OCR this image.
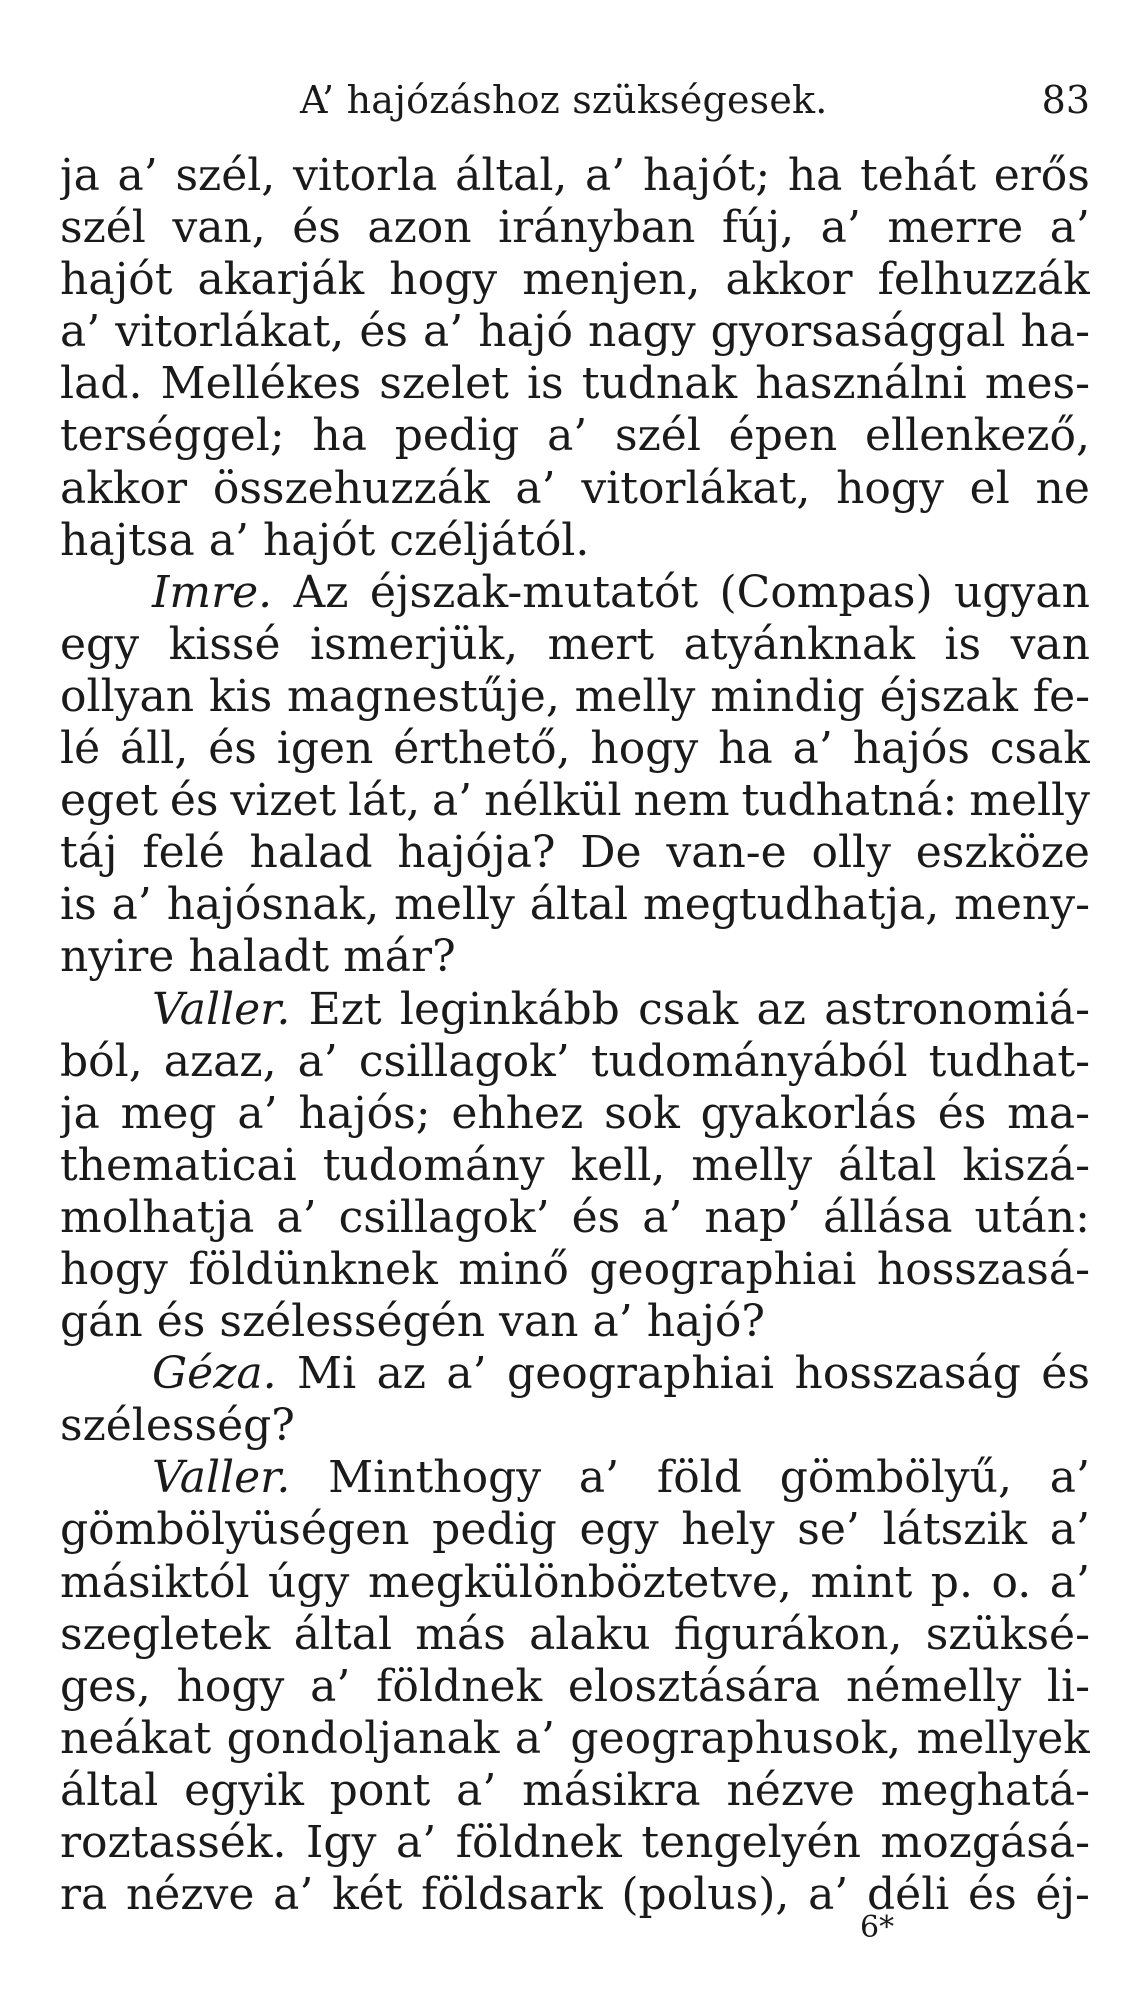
A’ hajózáshoz szükségesek.	83
ja a’ szél, vitorla által, a’ hajót; ha tehát erős
szél van, és azon irányban fúj, a’ merre a’
hajót akarják hogy menjen, akkor felhuzzák
a’ vitorlákat, és a’ hajó nagy gyorsasággal ha-
lad. Mellékes szelet is tudnak használni mes-
terséggel; ha pedig a’ szél épen ellenkező,
akkor összehuzzák a’ vitorlákat, hogy el ne
hajtsa a’ hajót czéljától.
Imre. Az éjszak-mutatót (Compas) ugyan
egy kissé ismerjük, mert atyánknak is van
ollyan kis magnestűje, melly mindig éjszak fe-
lé áll, és igen érthető, hogy ha a’ hajós csak
eget és vizet lát, a’ nélkül nem tudhatná: melly
táj felé halad hajója? De van-e olly eszköze
is a’ hajósnak, melly által megtudhatja, meny-
nyire haladt már?
Valler. Ezt leginkább csak az astronomiá-
ból, azaz, a’ csillagok’ tudományából tudhat-
ja meg a’ hajós; ehhez sok gyakorlás és ma-
thematicai tudomány kell, melly által kiszá-
molhatja a’ csillagok’ és a’ nap’ állása után:
hogy földünknek minő geographiai hosszasá-
gán és szélességén van a’ hajó?
Géza. Mi az a’ geographiai hosszaság és
szélesség?
Valler. Minthogy a’ föld gömbölyű, a’
gömbölyüségen pedig egy hely se’ látszik a’
másiktól úgy megkülönböztetve, mint p. o. a’
szegletek által más alaku figurákon, szüksé-
ges, hogy a’ földnek elosztására némelly li-
neákat gondoljanak a’ geographusok, mellyek
által egyik pont a’ másikra nézve meghatá-
roztassék. Igy a’ földnek tengelyén mozgásá-
ra nézve a’ két földsark (polus), a’ déli és éj-
6*
